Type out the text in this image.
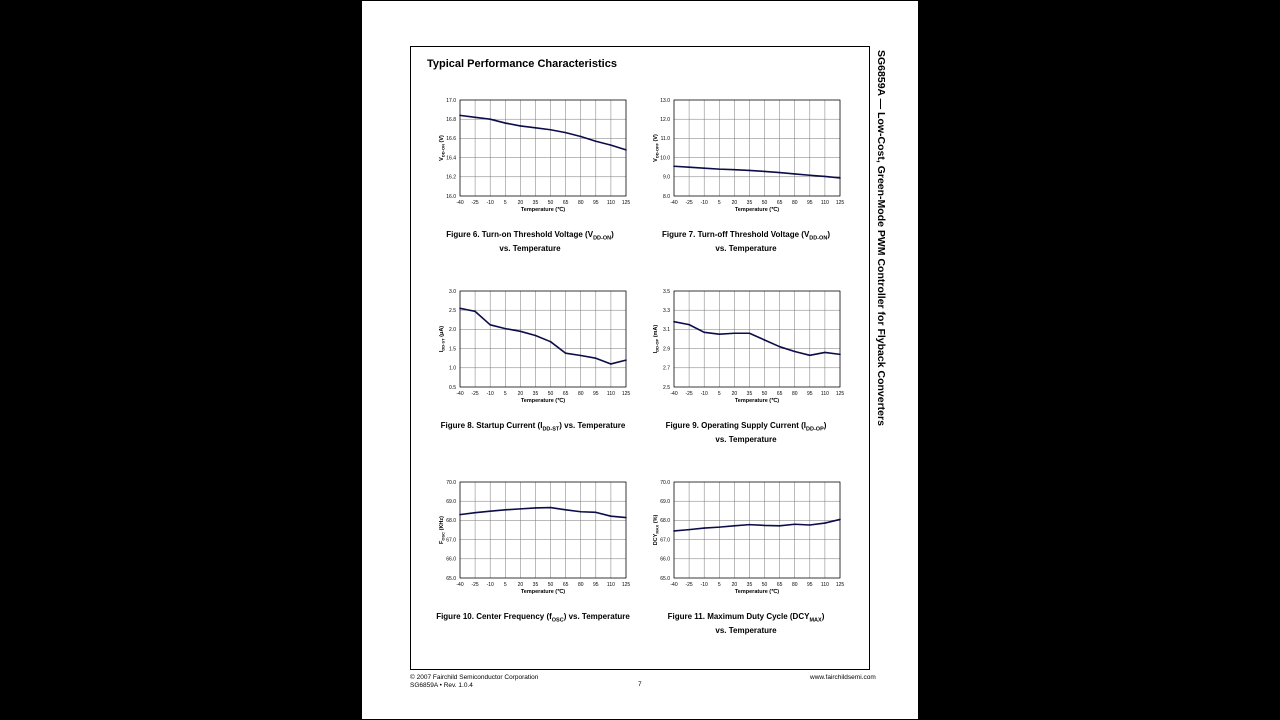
Typical Performance Characteristics	SG6859A — Low-Cost, Green-Mode PWM Controller for Flyback Converters
16.0
16.2
16.4
16.6
16.8
17.0
-40 -25 -10 5 20 35 50 65 80 95 110 125
Temperature (℃)
$V_{DD-ON}$ (V)
8.0
9.0
10.0
11.0
12.0
13.0
-40 -25 -10 5 20 35 50 65 80 95 110 125
Temperature (℃)
$V_{DD-OFF}$ (V)
0.5
1.0
1.5
2.0
2.5
3.0
-40 -25 -10 5 20 35 50 65 80 95 110 125
Temperature (℃)
$I_{DD-ST}$ (μA)
2.5
2.7
2.9
3.1
3.3
3.5
-40 -25 -10 5 20 35 50 65 80 95 110 125
Temperature (℃)
$I_{DD-OP}$ (mA)
65.0
66.0
67.0
68.0
69.0
70.0
-40 -25 -10 5 20 35 50 65 80 95 110 125
Temperature (℃)
$F_{OSC}$ (KHz)
65.0
66.0
67.0
68.0
69.0
70.0
-40 -25 -10 5 20 35 50 65 80 95 110 125
Temperature (℃)
$DCY_{MAX}$ (%)
Figure 6. Turn-on Threshold Voltage $(V_{DD-ON})$
vs. Temperature
Figure 7. Turn-off Threshold Voltage $(V_{DD-ON})$
vs. Temperature
Figure 8. Startup Current $(I_{DD-ST})$ vs. Temperature	Figure 9. Operating Supply Current $(I_{DD-OP})$
vs. Temperature
Figure 10. Center Frequency $(f_{OSC})$ vs. Temperature	Figure 11. Maximum Duty Cycle $(DCY_{MAX})$
vs. Temperature
© 2007 Fairchild Semiconductor Corporation
SG6859A • Rev. 1.0.4	7
www.fairchildsemi.com
